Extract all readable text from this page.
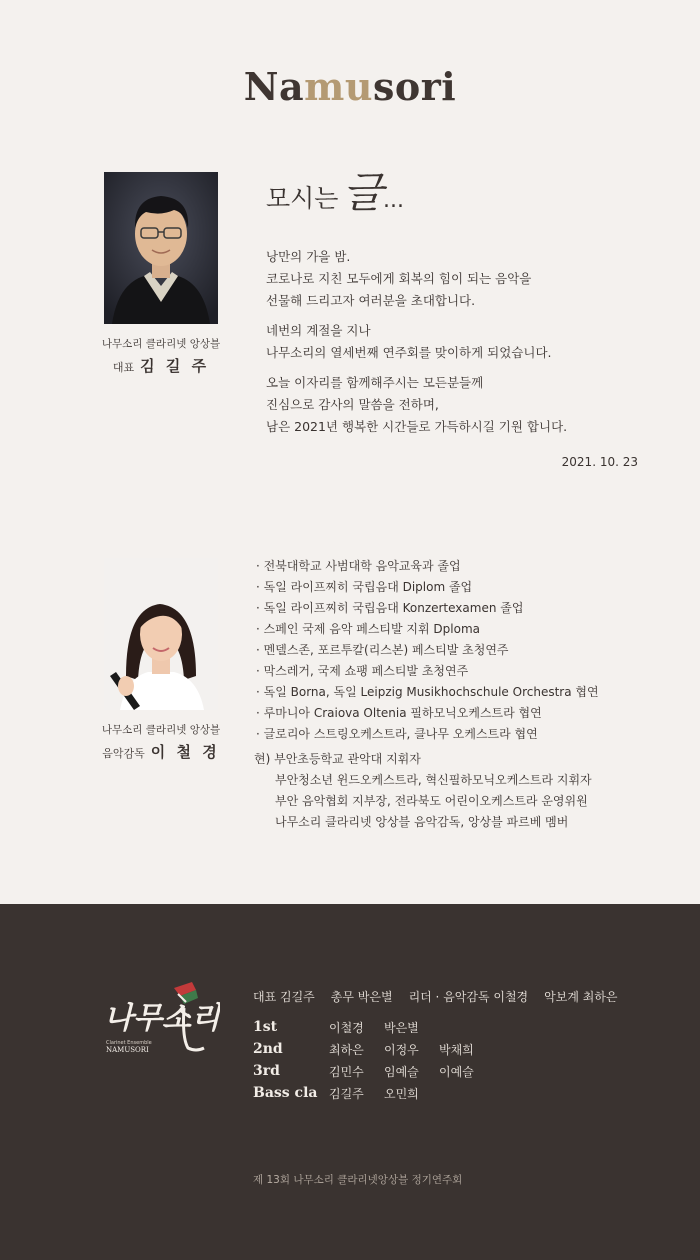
Namusori
나무소리 클라리넷 앙상블
대표 김 길 주
모시는글...

낭만의 가을 밤.
코로나로 지친 모두에게 회복의 힘이 되는 음악을
선물해 드리고자 여러분을 초대합니다.

네번의 계절을 지나
나무소리의 열세번째 연주회를 맞이하게 되었습니다.

오늘 이자리를 함께해주시는 모든분들께
진심으로 감사의 말씀을 전하며,
남은 2021년 행복한 시간들로 가득하시길 기원 합니다.

2021. 10. 23
나무소리 클라리넷 앙상블
음악감독 이 철 경
· 전북대학교 사범대학 음악교육과 졸업
· 독일 라이프찌히 국립음대 Diplom 졸업
· 독일 라이프찌히 국립음대 Konzertexamen 졸업
· 스페인 국제 음악 페스티발 지휘 Dploma
· 멘델스존, 포르투칼(리스본) 페스티발 초청연주
· 막스레거, 국제 쇼팽 페스티발 초청연주
· 독일 Borna, 독일 Leipzig Musikhochschule Orchestra 협연
· 루마니아 Craiova Oltenia 필하모닉오케스트라 협연
· 글로리아 스트링오케스트라, 클나무 오케스트라 협연
현) 부안초등학교 관악대 지휘자
부안청소년 윈드오케스트라, 혁신필하모닉오케스트라 지휘자
부안 음악협회 지부장, 전라북도 어린이오케스트라 운영위원
나무소리 클라리넷 앙상블 음악감독, 앙상블 파르베 멤버
나무소리
Clarinet Ensemble
NAMUSORI
대표 김길주 총무 박은별 리더 · 음악감독 이철경 악보계 최하은
1st	이철경	박은별
2nd	최하은	이정우	박채희
3rd	김민수	임예슬	이예슬
Bass cla 김길주	오민희
제 13회 나무소리 클라리넷앙상블 정기연주회
